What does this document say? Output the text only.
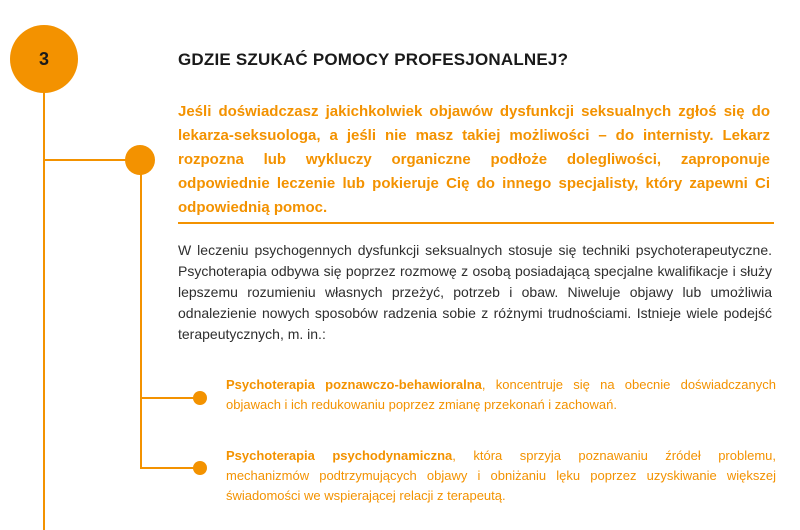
3	GDZIE SZUKAĆ POMOCY PROFESJONALNEJ?
Jeśli doświadczasz jakichkolwiek objawów dysfunkcji seksualnych zgłoś się do lekarza-seksuologa, a jeśli nie masz takiej możliwości – do internisty. Lekarz rozpozna lub wykluczy organiczne podłoże dolegliwości, zaproponuje odpowiednie leczenie lub pokieruje Cię do innego specjalisty, który zapewni Ci odpowiednią pomoc.
W leczeniu psychogennych dysfunkcji seksualnych stosuje się techniki psychoterapeutyczne. Psychoterapia odbywa się poprzez rozmowę z osobą posiadającą specjalne kwalifikacje i służy lepszemu rozumieniu własnych przeżyć, potrzeb i obaw. Niweluje objawy lub umożliwia odnalezienie nowych sposobów radzenia sobie z różnymi trudnościami. Istnieje wiele podejść terapeutycznych, m. in.:
Psychoterapia poznawczo-behawioralna, koncentruje się na obecnie doświadczanych objawach i ich redukowaniu poprzez zmianę przekonań i zachowań.
Psychoterapia psychodynamiczna, która sprzyja poznawaniu źródeł problemu, mechanizmów podtrzymujących objawy i obniżaniu lęku poprzez uzyskiwanie większej świadomości we wspierającej relacji z terapeutą.
